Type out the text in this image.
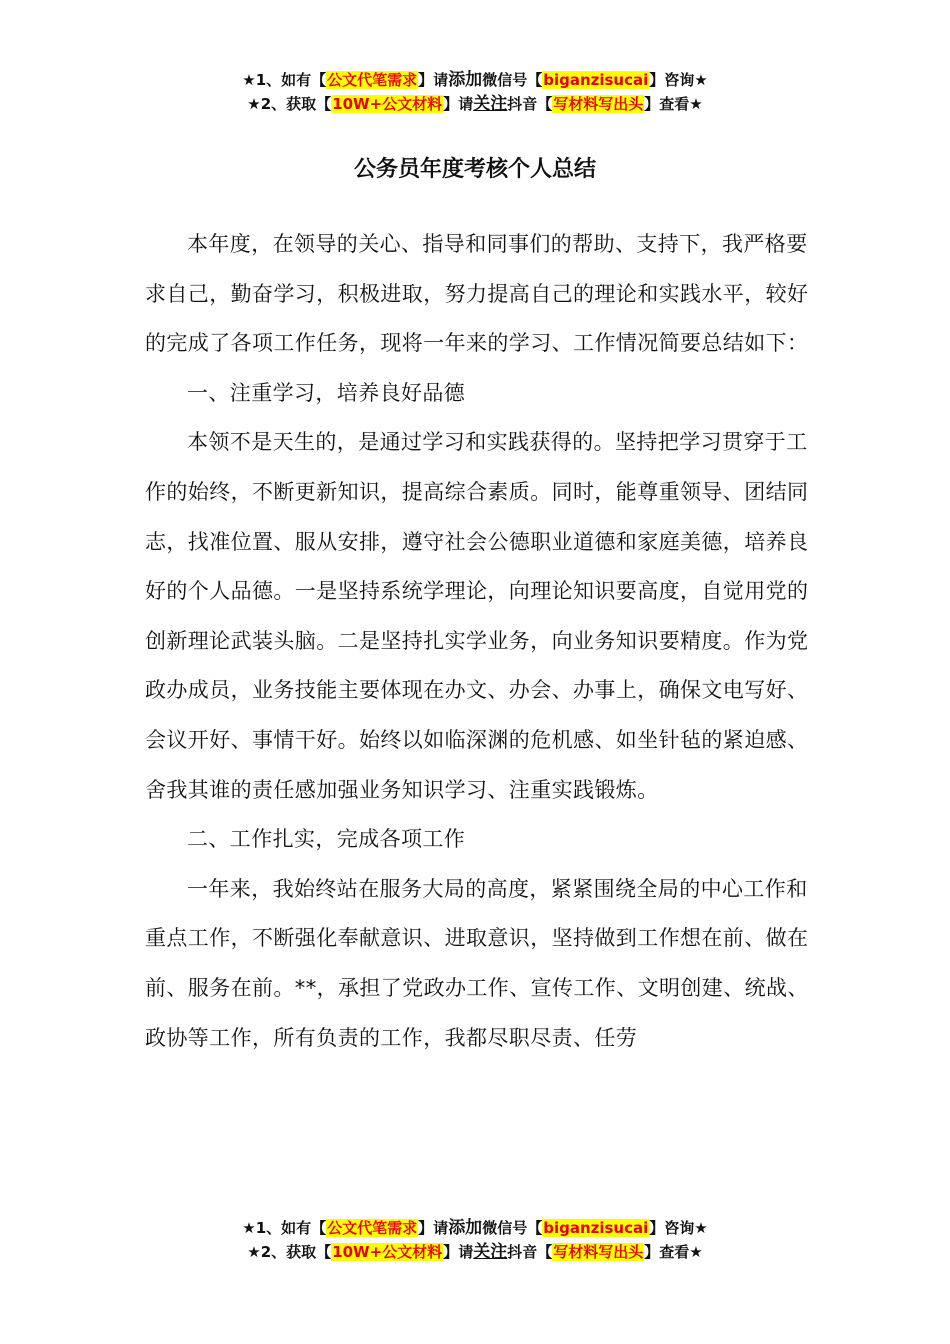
★1、如有【公文代笔需求】请添加微信号【biganzisucai】咨询★
★2、获取【10W+公文材料】请关注抖音【写材料写出头】查看★
公务员年度考核个人总结

本年度，在领导的关心、指导和同事们的帮助、支持下，我严格要求自己，勤奋学习，积极进取，努力提高自己的理论和实践水平，较好的完成了各项工作任务，现将一年来的学习、工作情况简要总结如下：

一、注重学习，培养良好品德

本领不是天生的，是通过学习和实践获得的。坚持把学习贯穿于工作的始终，不断更新知识，提高综合素质。同时，能尊重领导、团结同志，找准位置、服从安排，遵守社会公德职业道德和家庭美德，培养良好的个人品德。一是坚持系统学理论，向理论知识要高度，自觉用党的创新理论武装头脑。二是坚持扎实学业务，向业务知识要精度。作为党政办成员，业务技能主要体现在办文、办会、办事上，确保文电写好、会议开好、事情干好。始终以如临深渊的危机感、如坐针毡的紧迫感、舍我其谁的责任感加强业务知识学习、注重实践锻炼。

二、工作扎实，完成各项工作

一年来，我始终站在服务大局的高度，紧紧围绕全局的中心工作和重点工作，不断强化奉献意识、进取意识，坚持做到工作想在前、做在前、服务在前。**，承担了党政办工作、宣传工作、文明创建、统战、政协等工作，所有负责的工作，我都尽职尽责、任劳

★1、如有【公文代笔需求】请添加微信号【biganzisucai】咨询★
★2、获取【10W+公文材料】请关注抖音【写材料写出头】查看★
